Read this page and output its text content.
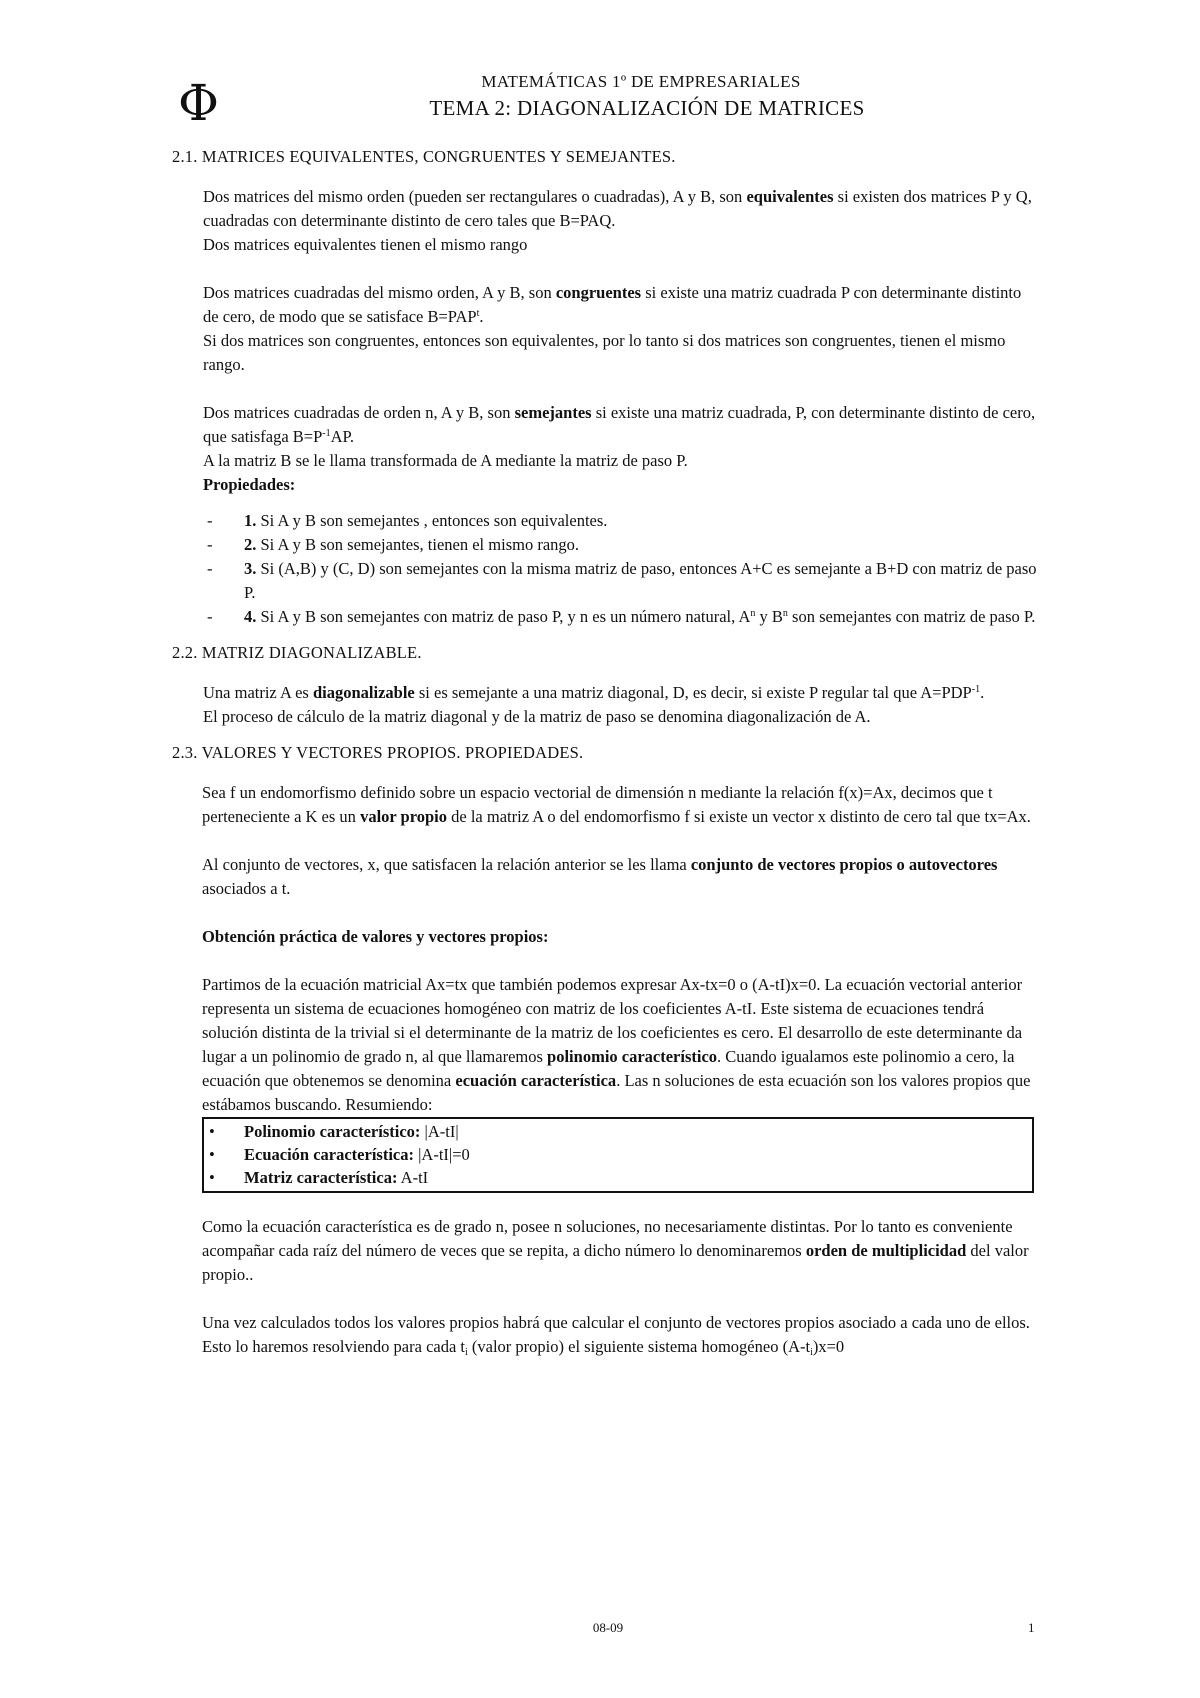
Φ	MATEMÁTICAS 1º DE EMPRESARIALES
TEMA 2: DIAGONALIZACIÓN DE MATRICES
2.1. MATRICES EQUIVALENTES, CONGRUENTES Y SEMEJANTES.

Dos matrices del mismo orden (pueden ser rectangulares o cuadradas), A y B, son equivalentes si existen dos matrices P y Q, cuadradas con determinante distinto de cero tales que B=PAQ.

Dos matrices equivalentes tienen el mismo rango

Dos matrices cuadradas del mismo orden, A y B, son congruentes si existe una matriz cuadrada P con determinante distinto de cero, de modo que se satisface $B=PAP^t$.

Si dos matrices son congruentes, entonces son equivalentes, por lo tanto si dos matrices son congruentes, tienen el mismo rango.

Dos matrices cuadradas de orden n, A y B, son semejantes si existe una matriz cuadrada, P, con determinante distinto de cero, que satisfaga $B=P^{-1}AP$.

A la matriz B se le llama transformada de A mediante la matriz de paso P.

Propiedades:

- 1. Si A y B son semejantes , entonces son equivalentes.
- 2. Si A y B son semejantes, tienen el mismo rango.
- 3. Si (A,B) y (C, D) son semejantes con la misma matriz de paso, entonces A+C es semejante a B+D con matriz de paso P.
- 4. Si A y B son semejantes con matriz de paso P, y n es un número natural, $A^n$ y $B^n$ son semejantes con matriz de paso P.
2.2. MATRIZ DIAGONALIZABLE.

Una matriz A es diagonalizable si es semejante a una matriz diagonal, D, es decir, si existe P regular tal que $A=PDP^{-1}$.

El proceso de cálculo de la matriz diagonal y de la matriz de paso se denomina diagonalización de A.

2.3. VALORES Y VECTORES PROPIOS. PROPIEDADES.

Sea f un endomorfismo definido sobre un espacio vectorial de dimensión n mediante la relación f(x)=Ax, decimos que t perteneciente a K es un valor propio de la matriz A o del endomorfismo f si existe un vector x distinto de cero tal que tx=Ax.

Al conjunto de vectores, x, que satisfacen la relación anterior se les llama conjunto de vectores propios o autovectores asociados a t.

Obtención práctica de valores y vectores propios:

Partimos de la ecuación matricial Ax=tx que también podemos expresar Ax-tx=0 o (A-tI)x=0. La ecuación vectorial anterior representa un sistema de ecuaciones homogéneo con matriz de los coeficientes A-tI. Este sistema de ecuaciones tendrá solución distinta de la trivial si el determinante de la matriz de los coeficientes es cero. El desarrollo de este determinante da lugar a un polinomio de grado n, al que llamaremos polinomio característico. Cuando igualamos este polinomio a cero, la ecuación que obtenemos se denomina ecuación característica. Las n soluciones de esta ecuación son los valores propios que estábamos buscando. Resumiendo:

• Polinomio característico: |A-tI|
• Ecuación característica: |A-tI|=0
• Matriz característica: A-tI

Como la ecuación característica es de grado n, posee n soluciones, no necesariamente distintas. Por lo tanto es conveniente acompañar cada raíz del número de veces que se repita, a dicho número lo denominaremos orden de multiplicidad del valor propio..

Una vez calculados todos los valores propios habrá que calcular el conjunto de vectores propios asociado a cada uno de ellos. Esto lo haremos resolviendo para cada $t_i$ (valor propio) el siguiente sistema homogéneo $(A-t_i)x=0$

08-09	1
